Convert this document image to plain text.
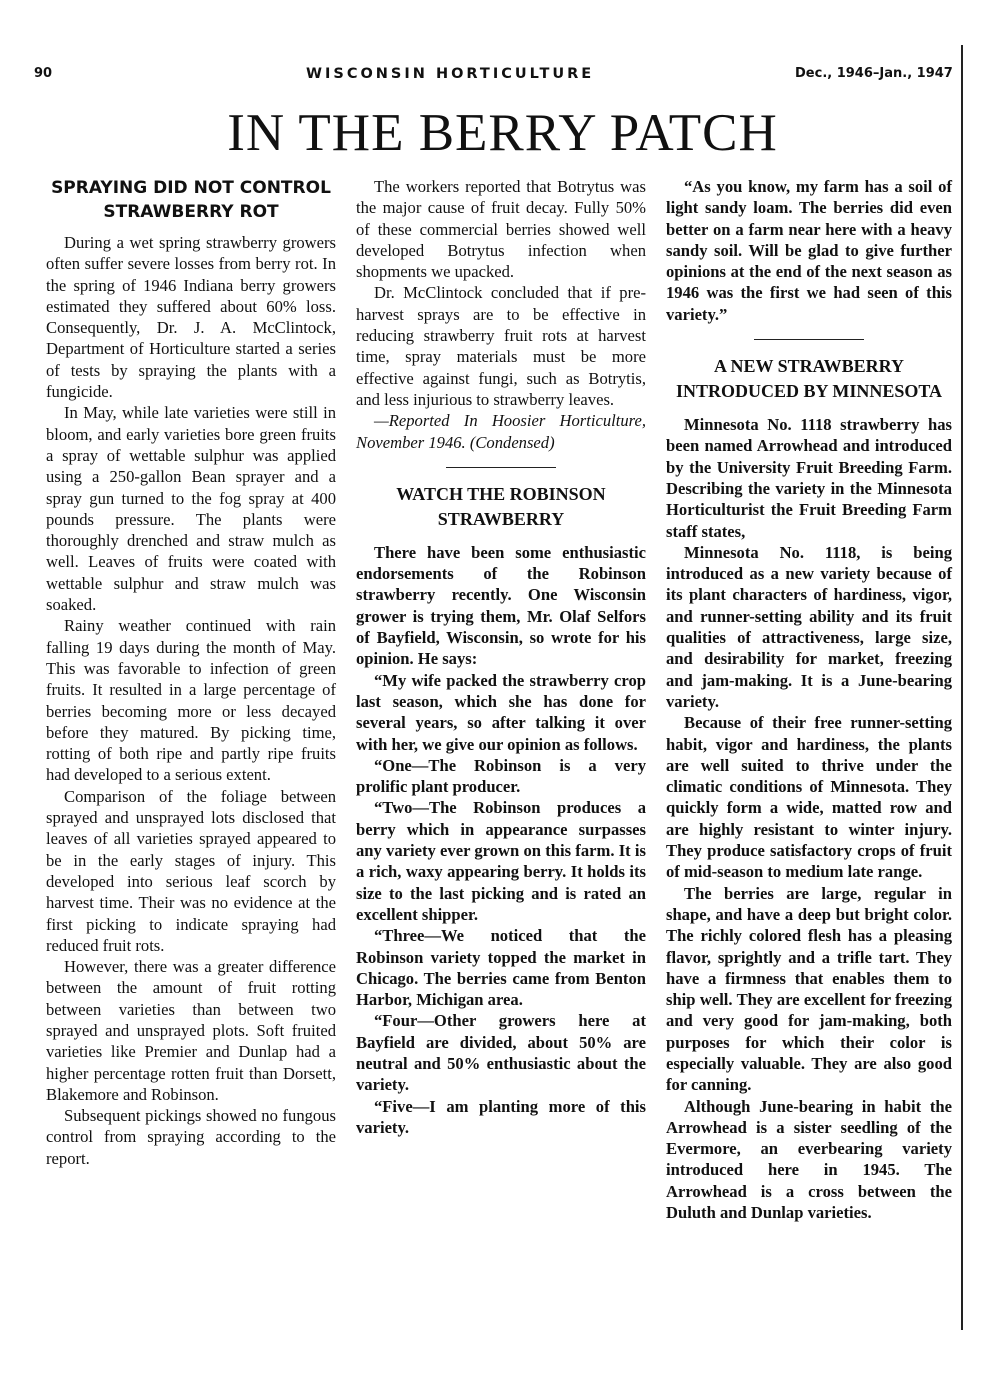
90	WISCONSIN HORTICULTURE	Dec., 1946–Jan., 1947
IN THE BERRY PATCH
SPRAYING DID NOT CONTROL STRAWBERRY ROT

During a wet spring strawberry growers often suffer severe losses from berry rot. In the spring of 1946 Indiana berry growers estimated they suffered about 60% loss. Consequently, Dr. J. A. McClintock, Department of Horticulture started a series of tests by spraying the plants with a fungicide.

In May, while late varieties were still in bloom, and early varieties bore green fruits a spray of wettable sulphur was applied using a 250-gallon Bean sprayer and a spray gun turned to the fog spray at 400 pounds pressure. The plants were thoroughly drenched and straw mulch as well. Leaves of fruits were coated with wettable sulphur and straw mulch was soaked.

Rainy weather continued with rain falling 19 days during the month of May. This was favorable to infection of green fruits. It resulted in a large percentage of berries becoming more or less decayed before they matured. By picking time, rotting of both ripe and partly ripe fruits had developed to a serious extent.

Comparison of the foliage between sprayed and unsprayed lots disclosed that leaves of all varieties sprayed appeared to be in the early stages of injury. This developed into serious leaf scorch by harvest time. Their was no evidence at the first picking to indicate spraying had reduced fruit rots.

However, there was a greater difference between the amount of fruit rotting between varieties than between two sprayed and unsprayed plots. Soft fruited varieties like Premier and Dunlap had a higher percentage rotten fruit than Dorsett, Blakemore and Robinson.

Subsequent pickings showed no fungous control from spraying according to the report.

The workers reported that Botrytus was the major cause of fruit decay. Fully 50% of these commercial berries showed well developed Botrytus infection when shopments we upacked.

Dr. McClintock concluded that if pre-harvest sprays are to be effective in reducing strawberry fruit rots at harvest time, spray materials must be more effective against fungi, such as Botrytis, and less injurious to strawberry leaves.

—Reported In Hoosier Horticulture, November 1946. (Condensed)

WATCH THE ROBINSON STRAWBERRY

There have been some enthusiastic endorsements of the Robinson strawberry recently. One Wisconsin grower is trying them, Mr. Olaf Selfors of Bayfield, Wisconsin, so wrote for his opinion. He says:

“My wife packed the strawberry crop last season, which she has done for several years, so after talking it over with her, we give our opinion as follows.

“One—The Robinson is a very prolific plant producer.

“Two—The Robinson produces a berry which in appearance surpasses any variety ever grown on this farm. It is a rich, waxy appearing berry. It holds its size to the last picking and is rated an excellent shipper.

“Three—We noticed that the Robinson variety topped the market in Chicago. The berries came from Benton Harbor, Michigan area.

“Four—Other growers here at Bayfield are divided, about 50% are neutral and 50% enthusiastic about the variety.

“Five—I am planting more of this variety.

“As you know, my farm has a soil of light sandy loam. The berries did even better on a farm near here with a heavy sandy soil. Will be glad to give further opinions at the end of the next season as 1946 was the first we had seen of this variety.”

A NEW STRAWBERRY INTRODUCED BY MINNESOTA

Minnesota No. 1118 strawberry has been named Arrowhead and introduced by the University Fruit Breeding Farm. Describing the variety in the Minnesota Horticulturist the Fruit Breeding Farm staff states,

Minnesota No. 1118, is being introduced as a new variety because of its plant characters of hardiness, vigor, and runner-setting ability and its fruit qualities of attractiveness, large size, and desirability for market, freezing and jam-making. It is a June-bearing variety.

Because of their free runner-setting habit, vigor and hardiness, the plants are well suited to thrive under the climatic conditions of Minnesota. They quickly form a wide, matted row and are highly resistant to winter injury. They produce satisfactory crops of fruit of mid-season to medium late range.

The berries are large, regular in shape, and have a deep but bright color. The richly colored flesh has a pleasing flavor, sprightly and a trifle tart. They have a firmness that enables them to ship well. They are excellent for freezing and very good for jam-making, both purposes for which their color is especially valuable. They are also good for canning.

Although June-bearing in habit the Arrowhead is a sister seedling of the Evermore, an everbearing variety introduced here in 1945. The Arrowhead is a cross between the Duluth and Dunlap varieties.
